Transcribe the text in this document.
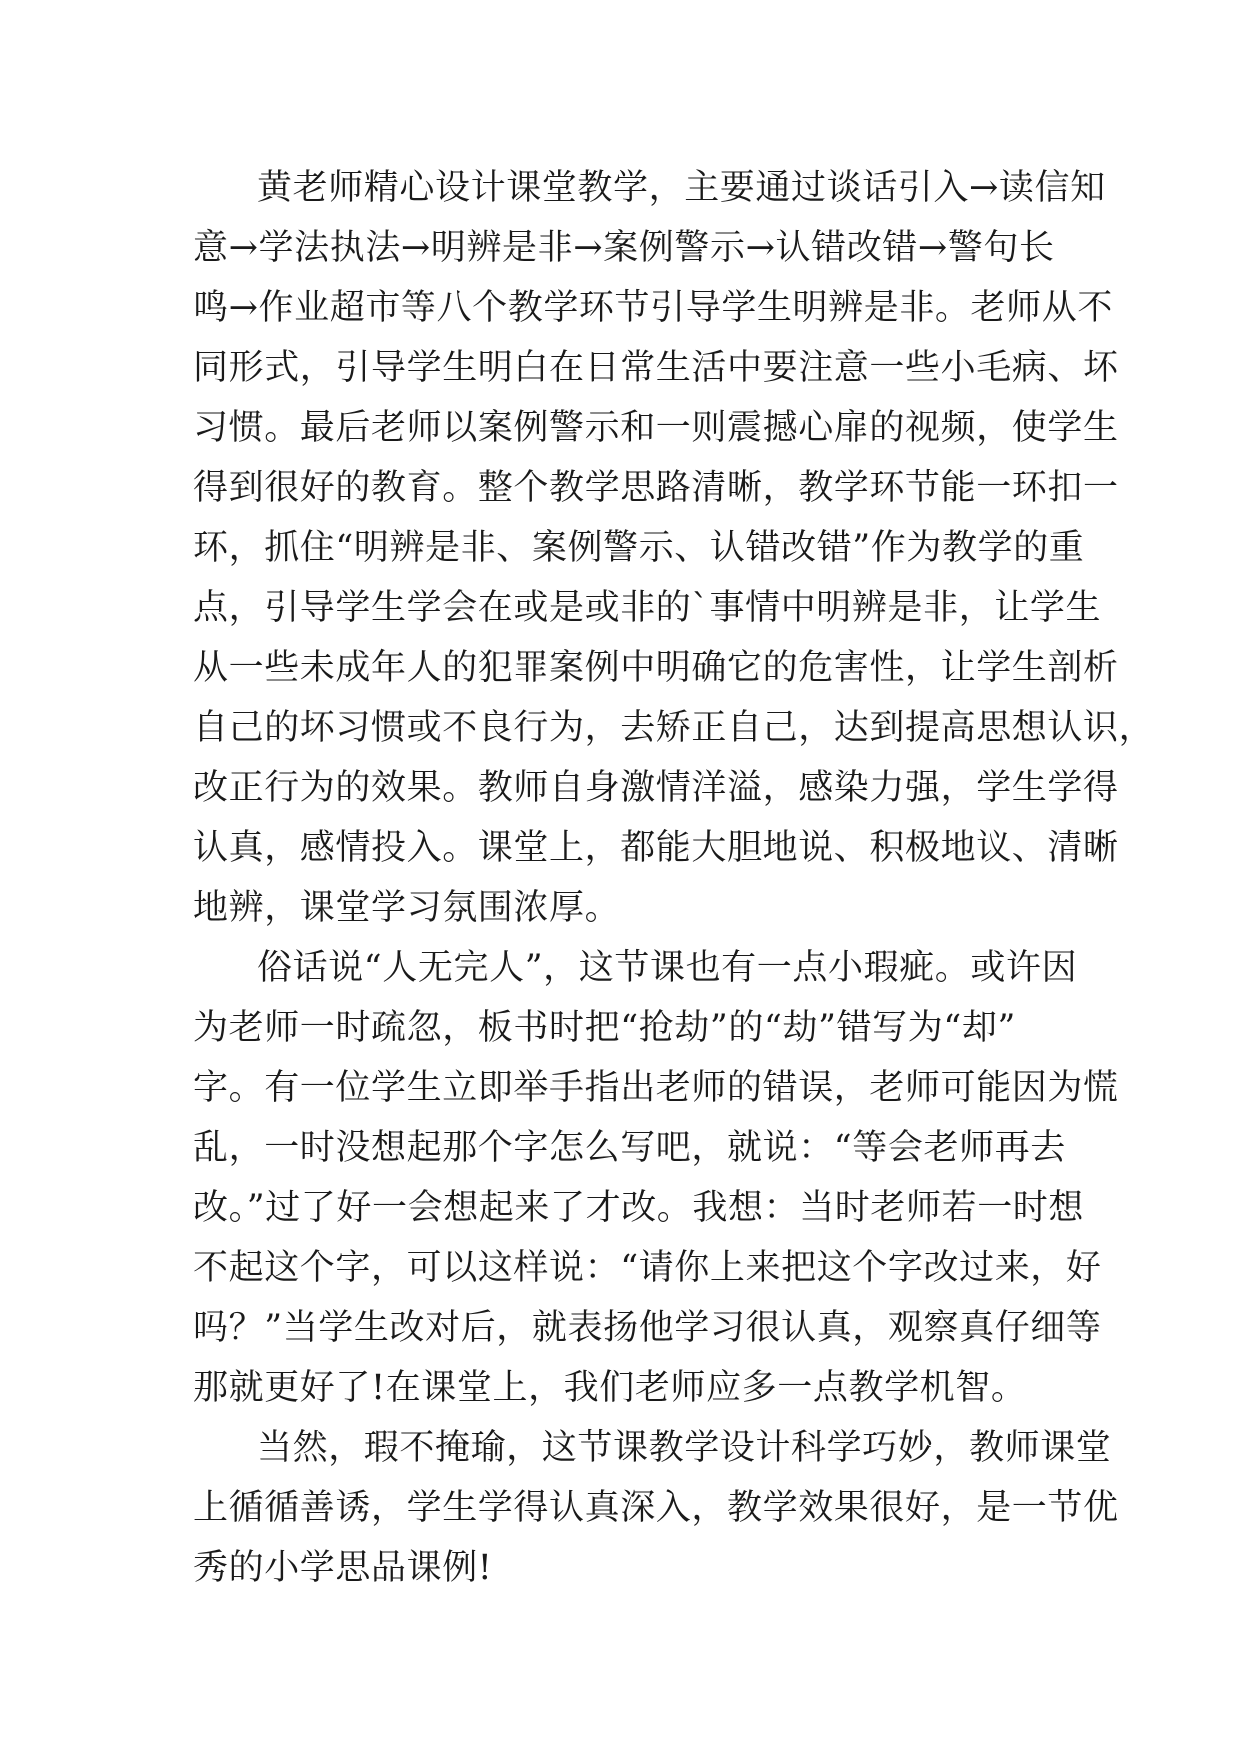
黄老师精心设计课堂教学，主要通过谈话引入→读信知
意→学法执法→明辨是非→案例警示→认错改错→警句长
鸣→作业超市等八个教学环节引导学生明辨是非。老师从不
同形式，引导学生明白在日常生活中要注意一些小毛病、坏
习惯。最后老师以案例警示和一则震撼心扉的视频，使学生
得到很好的教育。整个教学思路清晰，教学环节能一环扣一
环，抓住“明辨是非、案例警示、认错改错”作为教学的重
点，引导学生学会在或是或非的`事情中明辨是非，让学生
从一些未成年人的犯罪案例中明确它的危害性，让学生剖析
自己的坏习惯或不良行为，去矫正自己，达到提高思想认识，
改正行为的效果。教师自身激情洋溢，感染力强，学生学得
认真，感情投入。课堂上，都能大胆地说、积极地议、清晰
地辨，课堂学习氛围浓厚。
俗话说“人无完人”，这节课也有一点小瑕疵。或许因
为老师一时疏忽，板书时把“抢劫”的“劫”错写为“却”
字。有一位学生立即举手指出老师的错误，老师可能因为慌
乱，一时没想起那个字怎么写吧，就说：“等会老师再去
改。”过了好一会想起来了才改。我想：当时老师若一时想
不起这个字，可以这样说：“请你上来把这个字改过来，好
吗？”当学生改对后，就表扬他学习很认真，观察真仔细等
那就更好了!在课堂上，我们老师应多一点教学机智。
当然，瑕不掩瑜，这节课教学设计科学巧妙，教师课堂
上循循善诱，学生学得认真深入，教学效果很好，是一节优
秀的小学思品课例!
